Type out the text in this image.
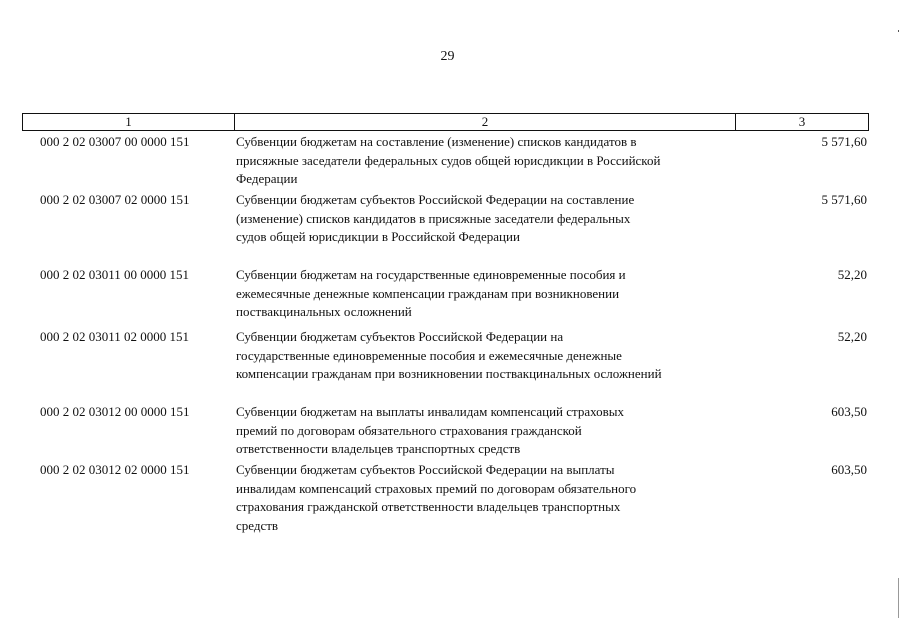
29
1	2	3
000 2 02 03007 00 0000 151	Субвенции бюджетам на составление (изменение) списков кандидатов в
присяжные заседатели федеральных судов общей юрисдикции в Российской
Федерации
5 571,60
000 2 02 03007 02 0000 151	Субвенции бюджетам субъектов Российской Федерации на составление
(изменение) списков кандидатов в присяжные заседатели федеральных
судов общей юрисдикции в Российской Федерации
5 571,60
000 2 02 03011 00 0000 151	Субвенции бюджетам на государственные единовременные пособия и
ежемесячные денежные компенсации гражданам при возникновении
поствакцинальных осложнений
52,20
000 2 02 03011 02 0000 151	Субвенции бюджетам субъектов Российской Федерации на
государственные единовременные пособия и ежемесячные денежные
компенсации гражданам при возникновении поствакцинальных осложнений
52,20
000 2 02 03012 00 0000 151	Субвенции бюджетам на выплаты инвалидам компенсаций страховых
премий по договорам обязательного страхования гражданской
ответственности владельцев транспортных средств
603,50
000 2 02 03012 02 0000 151	Субвенции бюджетам субъектов Российской Федерации на выплаты
инвалидам компенсаций страховых премий по договорам обязательного
страхования гражданской ответственности владельцев транспортных
средств
603,50
